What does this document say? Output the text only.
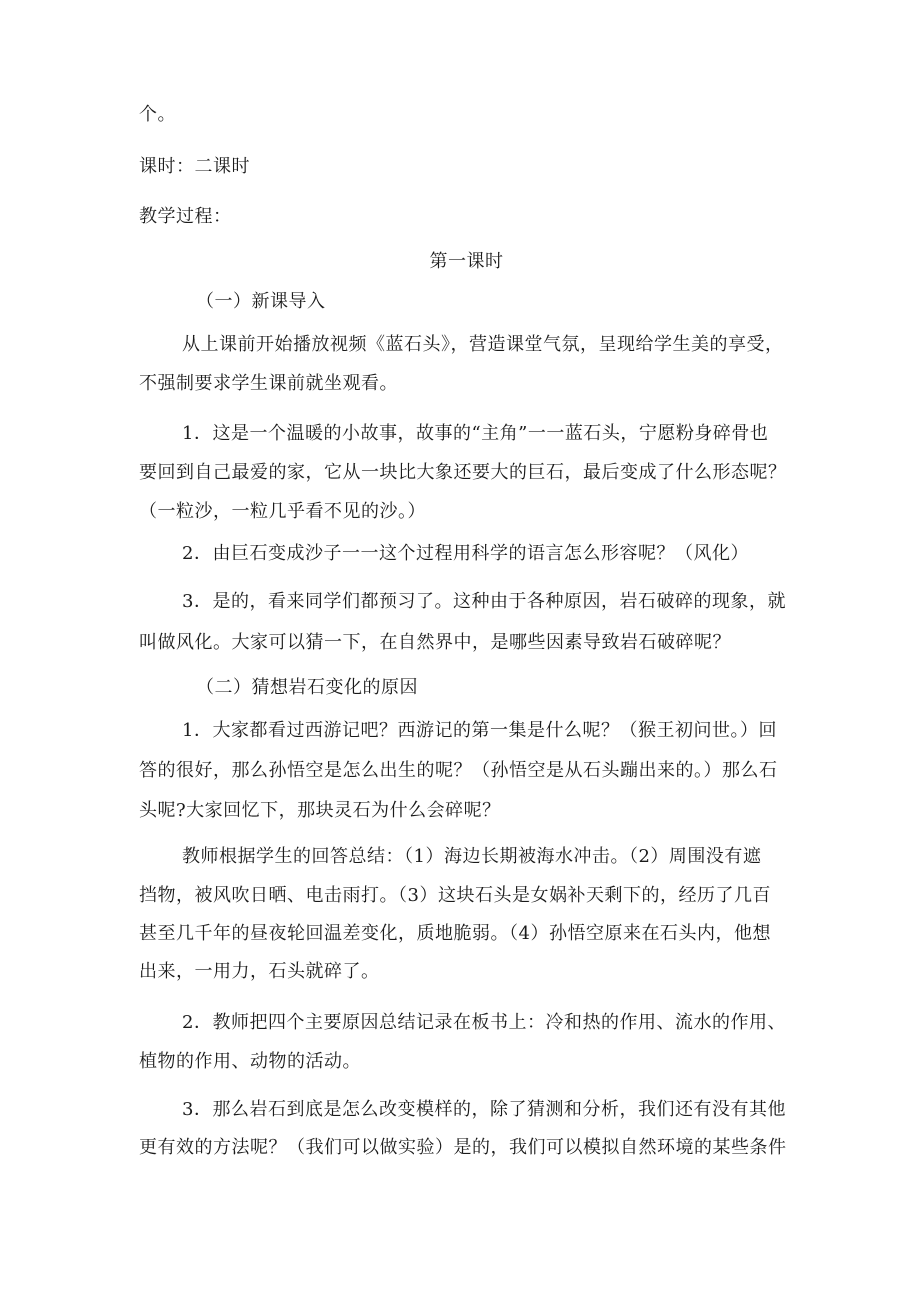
个。
课时：二课时
教学过程：
第一课时
（一）新课导入
从上课前开始播放视频《蓝石头》，营造课堂气氛，呈现给学生美的享受，
不强制要求学生课前就坐观看。
1．这是一个温暖的小故事，故事的“主角”一一蓝石头，宁愿粉身碎骨也
要回到自己最爱的家，它从一块比大象还要大的巨石，最后变成了什么形态呢？
（一粒沙，一粒几乎看不见的沙。）
2．由巨石变成沙子一一这个过程用科学的语言怎么形容呢？（风化）
3．是的，看来同学们都预习了。这种由于各种原因，岩石破碎的现象，就
叫做风化。大家可以猜一下，在自然界中，是哪些因素导致岩石破碎呢？
（二）猜想岩石变化的原因
1．大家都看过西游记吧？西游记的第一集是什么呢？（猴王初问世。）回
答的很好，那么孙悟空是怎么出生的呢？（孙悟空是从石头蹦出来的。）那么石
头呢?大家回忆下，那块灵石为什么会碎呢？
教师根据学生的回答总结：（1）海边长期被海水冲击。（2）周围没有遮
挡物，被风吹日晒、电击雨打。（3）这块石头是女娲补天剩下的，经历了几百
甚至几千年的昼夜轮回温差变化，质地脆弱。（4）孙悟空原来在石头内，他想
出来，一用力，石头就碎了。
2．教师把四个主要原因总结记录在板书上：冷和热的作用、流水的作用、
植物的作用、动物的活动。
3．那么岩石到底是怎么改变模样的，除了猜测和分析，我们还有没有其他
更有效的方法呢？（我们可以做实验）是的，我们可以模拟自然环境的某些条件
